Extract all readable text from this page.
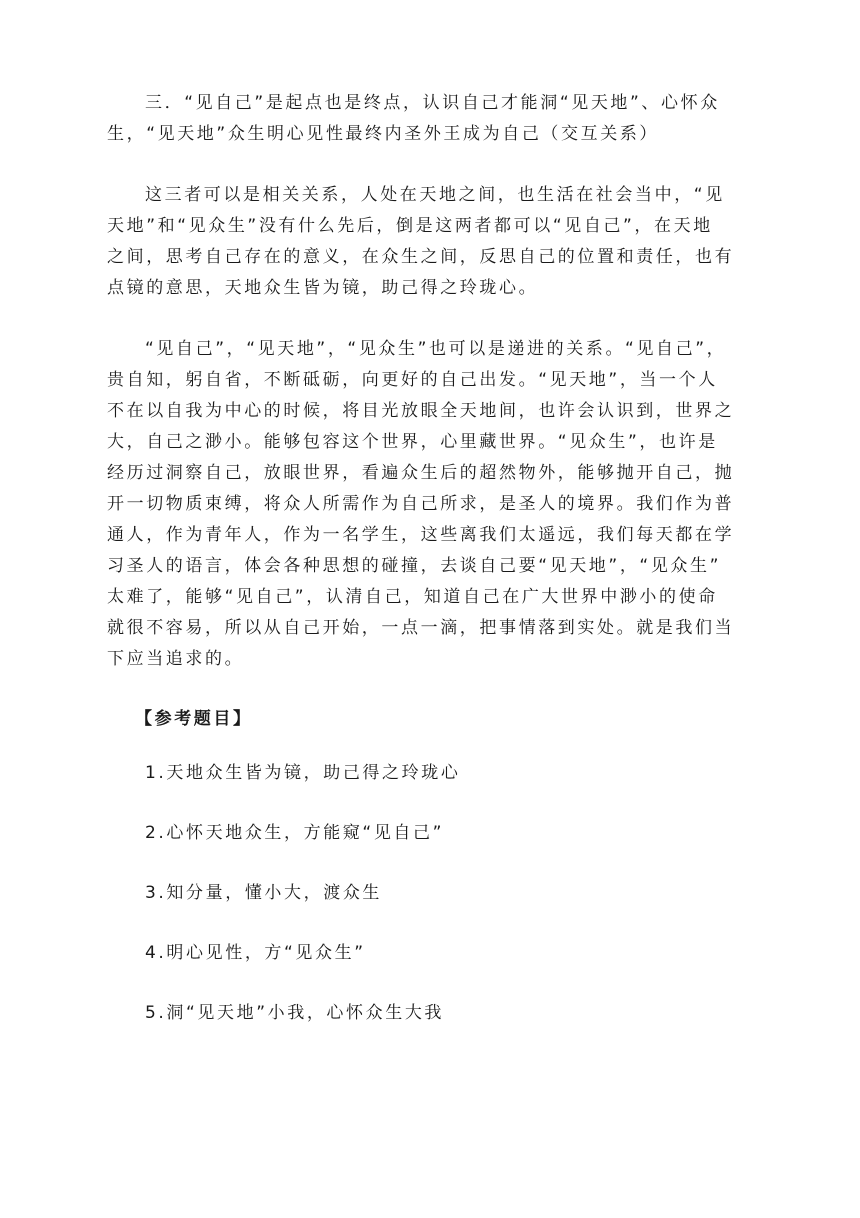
三．“见自己”是起点也是终点，认识自己才能洞“见天地”、心怀众
生，“见天地”众生明心见性最终内圣外王成为自己（交互关系）

这三者可以是相关关系，人处在天地之间，也生活在社会当中，“见
天地”和“见众生”没有什么先后，倒是这两者都可以“见自己”，在天地
之间，思考自己存在的意义，在众生之间，反思自己的位置和责任，也有
点镜的意思，天地众生皆为镜，助己得之玲珑心。

“见自己”，“见天地”，“见众生”也可以是递进的关系。“见自己”，
贵自知，躬自省，不断砥砺，向更好的自己出发。“见天地”，当一个人
不在以自我为中心的时候，将目光放眼全天地间，也许会认识到，世界之
大，自己之渺小。能够包容这个世界，心里藏世界。“见众生”，也许是
经历过洞察自己，放眼世界，看遍众生后的超然物外，能够抛开自己，抛
开一切物质束缚，将众人所需作为自己所求，是圣人的境界。我们作为普
通人，作为青年人，作为一名学生，这些离我们太遥远，我们每天都在学
习圣人的语言，体会各种思想的碰撞，去谈自己要“见天地”，“见众生”
太难了，能够“见自己”，认清自己，知道自己在广大世界中渺小的使命
就很不容易，所以从自己开始，一点一滴，把事情落到实处。就是我们当
下应当追求的。

【参考题目】
1.天地众生皆为镜，助己得之玲珑心
2.心怀天地众生，方能窥“见自己”
3.知分量，懂小大，渡众生
4.明心见性，方“见众生”
5.洞“见天地”小我，心怀众生大我
